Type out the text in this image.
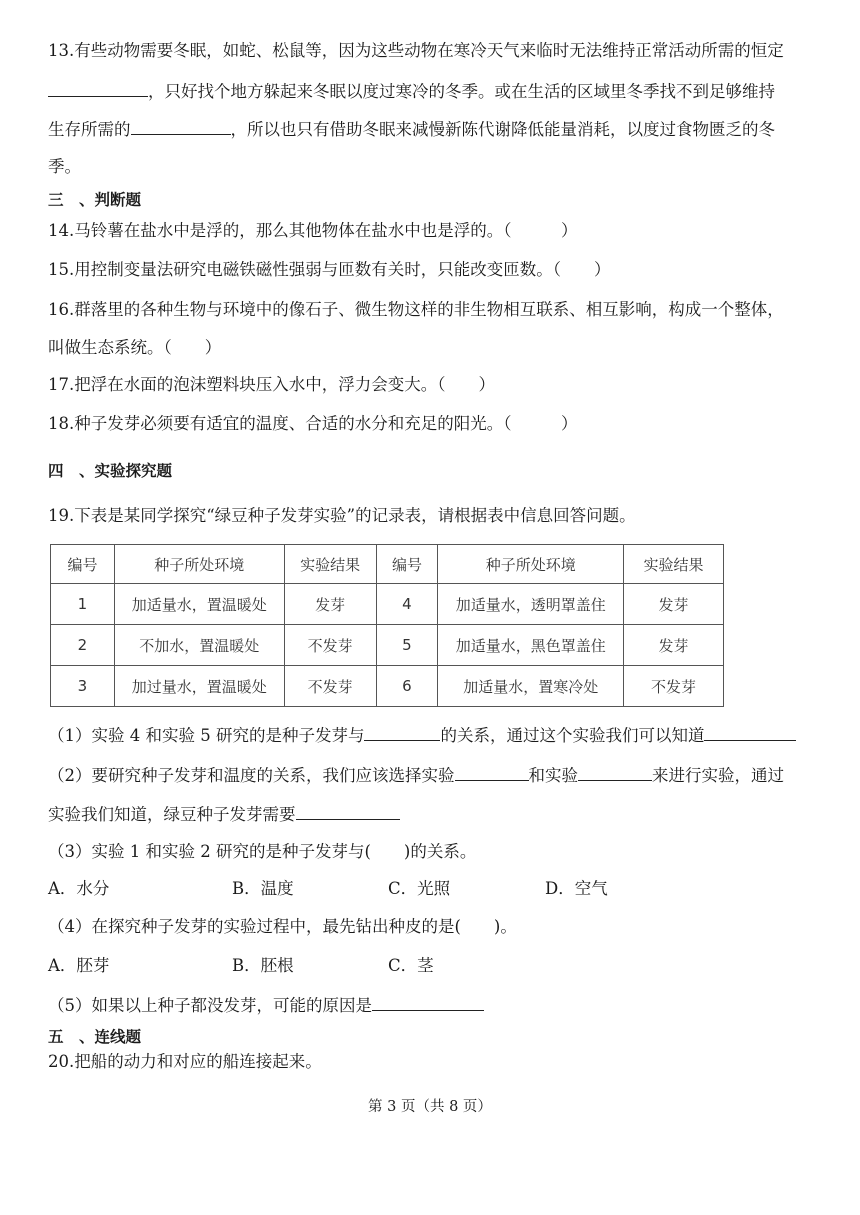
13.有些动物需要冬眠，如蛇、松鼠等，因为这些动物在寒冷天气来临时无法维持正常活动所需的恒定
，只好找个地方躲起来冬眠以度过寒冷的冬季。或在生活的区域里冬季找不到足够维持
生存所需的	，所以也只有借助冬眠来减慢新陈代谢降低能量消耗，以度过食物匮乏的冬
季。
三　、判断题
14.马铃薯在盐水中是浮的，那么其他物体在盐水中也是浮的。（　　　）
15.用控制变量法研究电磁铁磁性强弱与匝数有关时，只能改变匝数。（　　）
16.群落里的各种生物与环境中的像石子、微生物这样的非生物相互联系、相互影响，构成一个整体，
叫做生态系统。（　　）
17.把浮在水面的泡沫塑料块压入水中，浮力会变大。（　　）
18.种子发芽必须要有适宜的温度、合适的水分和充足的阳光。（　　　）
四　、实验探究题
19.下表是某同学探究“绿豆种子发芽实验”的记录表，请根据表中信息回答问题。
编号	种子所处环境	实验结果	编号	种子所处环境	实验结果
1	加适量水，置温暖处	发芽	4	加适量水，透明罩盖住	发芽
2	不加水，置温暖处	不发芽	5	加适量水，黑色罩盖住	发芽
3	加过量水，置温暖处	不发芽	6	加适量水，置寒冷处	不发芽
（1）实验 4 和实验 5 研究的是种子发芽与	的关系，通过这个实验我们可以知道
（2）要研究种子发芽和温度的关系，我们应该选择实验	和实验	来进行实验，通过
实验我们知道，绿豆种子发芽需要
（3）实验 1 和实验 2 研究的是种子发芽与(　　)的关系。
A．水分	B．温度	C．光照	D．空气
（4）在探究种子发芽的实验过程中，最先钻出种皮的是(　　)。
A．胚芽	B．胚根	C．茎
（5）如果以上种子都没发芽，可能的原因是
五　、连线题
20.把船的动力和对应的船连接起来。
第 3 页（共 8 页）
